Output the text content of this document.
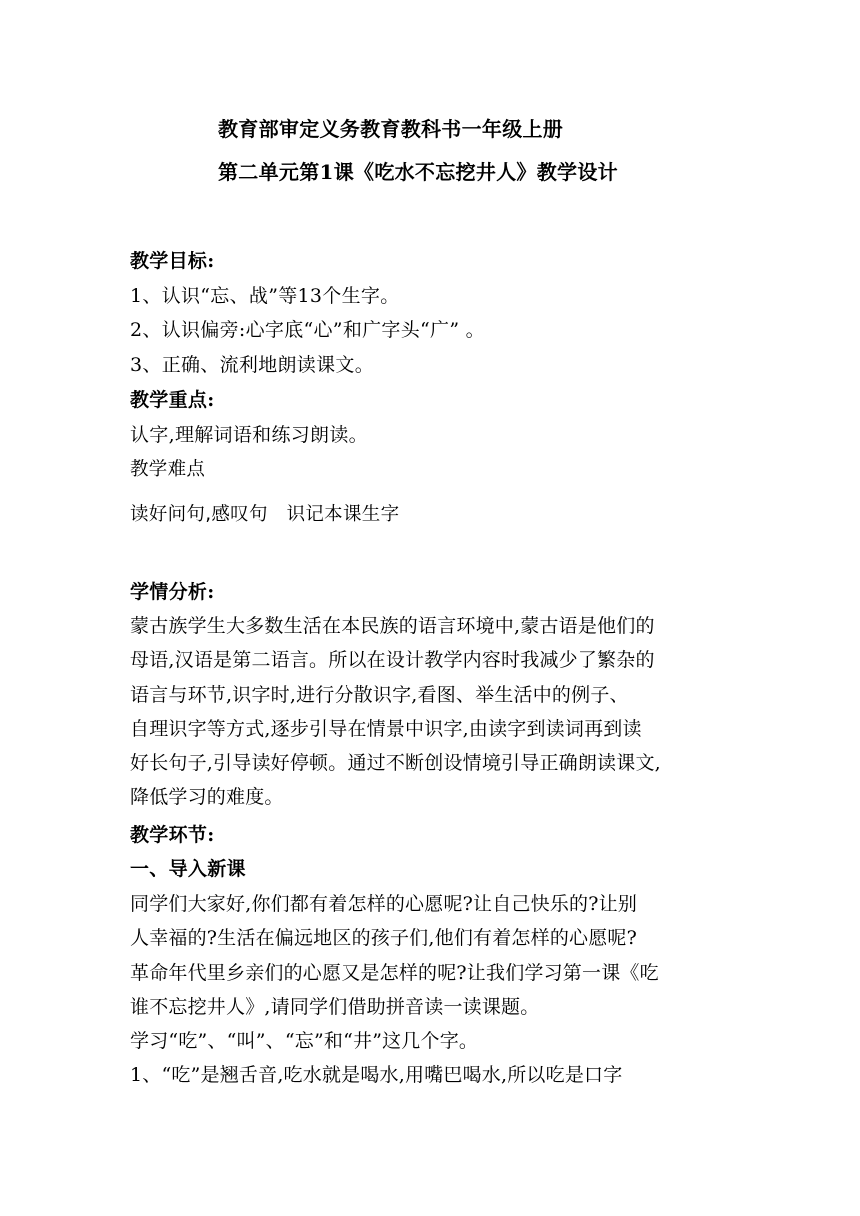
教育部审定义务教育教科书一年级上册
第二单元第1课《吃水不忘挖井人》教学设计
教学目标:
1、认识“忘、战”等13个生字。
2、认识偏旁:心字底“心”和广字头“广” 。
3、正确、流利地朗读课文。
教学重点:
认字,理解词语和练习朗读。
教学难点
读好问句,感叹句　识记本课生字
学情分析:

蒙古族学生大多数生活在本民族的语言环境中,蒙古语是他们的

母语,汉语是第二语言。所以在设计教学内容时我减少了繁杂的

语言与环节,识字时,进行分散识字,看图、举生活中的例子、

自理识字等方式,逐步引导在情景中识字,由读字到读词再到读

好长句子,引导读好停顿。通过不断创设情境引导正确朗读课文,

降低学习的难度。

教学环节:
一、导入新课

同学们大家好,你们都有着怎样的心愿呢?让自己快乐的?让别

人幸福的?生活在偏远地区的孩子们,他们有着怎样的心愿呢?

革命年代里乡亲们的心愿又是怎样的呢?让我们学习第一课《吃

谁不忘挖井人》,请同学们借助拼音读一读课题。

学习“吃”、“叫”、“忘”和“井”这几个字。

1、“吃”是翘舌音,吃水就是喝水,用嘴巴喝水,所以吃是口字
